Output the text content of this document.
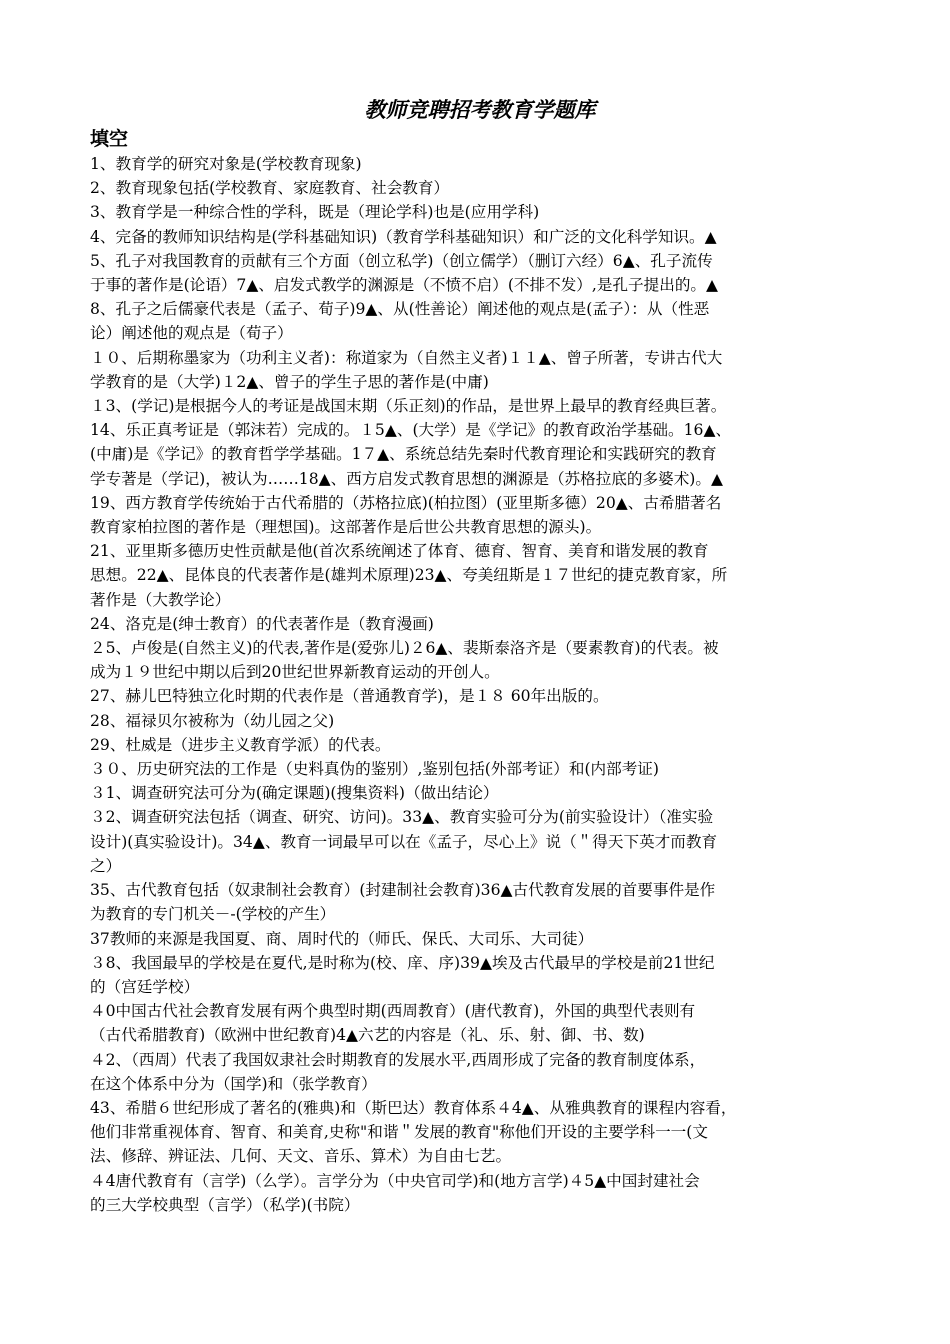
教师竞聘招考教育学题库
填空

1、教育学的研究对象是(学校教育现象)

2、教育现象包括(学校教育、家庭教育、社会教育）

3、教育学是一种综合性的学科，既是（理论学科)也是(应用学科)

4、完备的教师知识结构是(学科基础知识)（教育学科基础知识）和广泛的文化科学知识。▲

5、孔子对我国教育的贡献有三个方面（创立私学)（创立儒学）（删订六经）6▲、孔子流传

于事的著作是(论语）7▲、启发式教学的渊源是（不愤不启）(不排不发）,是孔子提出的。▲

8、孔子之后儒豪代表是（孟子、荀子)9▲、从(性善论）阐述他的观点是(孟子）：从（性恶

论）阐述他的观点是（荀子）

１０、后期称墨家为（功利主义者)：称道家为（自然主义者)１１▲、曾子所著，专讲古代大

学教育的是（大学)１2▲、曾子的学生子思的著作是(中庸)

１3、(学记)是根据今人的考证是战国末期（乐正刻)的作品，是世界上最早的教育经典巨著。

14、乐正真考证是（郭沫若）完成的。１5▲、(大学）是《学记》的教育政治学基础。16▲、

(中庸)是《学记》的教育哲学学基础。1７▲、系统总结先秦时代教育理论和实践研究的教育

学专著是（学记)，被认为……18▲、西方启发式教育思想的渊源是（苏格拉底的多婆术)。▲

19、西方教育学传统始于古代希腊的（苏格拉底)(柏拉图）(亚里斯多德）20▲、古希腊著名

教育家柏拉图的著作是（理想国)。这部著作是后世公共教育思想的源头)。

21、亚里斯多德历史性贡献是他(首次系统阐述了体育、德育、智育、美育和谐发展的教育

思想。22▲、昆体良的代表著作是(雄判术原理)23▲、夸美纽斯是１７世纪的捷克教育家，所

著作是（大教学论）

24、洛克是(绅士教育）的代表著作是（教育漫画)

２5、卢俊是(自然主义)的代表,著作是(爱弥儿)２6▲、裴斯泰洛齐是（要素教育)的代表。被

成为１９世纪中期以后到20世纪世界新教育运动的开创人。

27、赫儿巴特独立化时期的代表作是（普通教育学)，是１８ 60年出版的。

28、福禄贝尔被称为（幼儿园之父)

29、杜威是（进步主义教育学派）的代表。

３０、历史研究法的工作是（史料真伪的鉴别）,鉴别包括(外部考证）和(内部考证)

３1、调查研究法可分为(确定课题)(搜集资料)（做出结论）

３2、调查研究法包括（调查、研究、访问)。33▲、教育实验可分为(前实验设计）（准实验

设计)(真实验设计)。34▲、教育一词最早可以在《孟子，尽心上》说（＂得天下英才而教育

之）

35、古代教育包括（奴隶制社会教育）(封建制社会教育)36▲古代教育发展的首要事件是作

为教育的专门机关－-(学校的产生）

37教师的来源是我国夏、商、周时代的（师氏、保氏、大司乐、大司徒）

３8、我国最早的学校是在夏代,是时称为(校、庠、序)39▲埃及古代最早的学校是前21世纪

的（宫廷学校）

４0中国古代社会教育发展有两个典型时期(西周教育）(唐代教育)，外国的典型代表则有

（古代希腊教育)（欧洲中世纪教育)4▲六艺的内容是（礼、乐、射、御、书、数)

４2、（西周）代表了我国奴隶社会时期教育的发展水平,西周形成了完备的教育制度体系，

在这个体系中分为（国学)和（张学教育）

43、希腊６世纪形成了著名的(雅典)和（斯巴达）教育体系４4▲、从雅典教育的课程内容看，

他们非常重视体育、智育、和美育,史称"和谐＂发展的教育"称他们开设的主要学科一一(文

法、修辞、辨证法、几何、天文、音乐、算术）为自由七艺。

４4唐代教育有（言学)（么学）。言学分为（中央官司学)和(地方言学)４5▲中国封建社会

的三大学校典型（言学）（私学)(书院）
